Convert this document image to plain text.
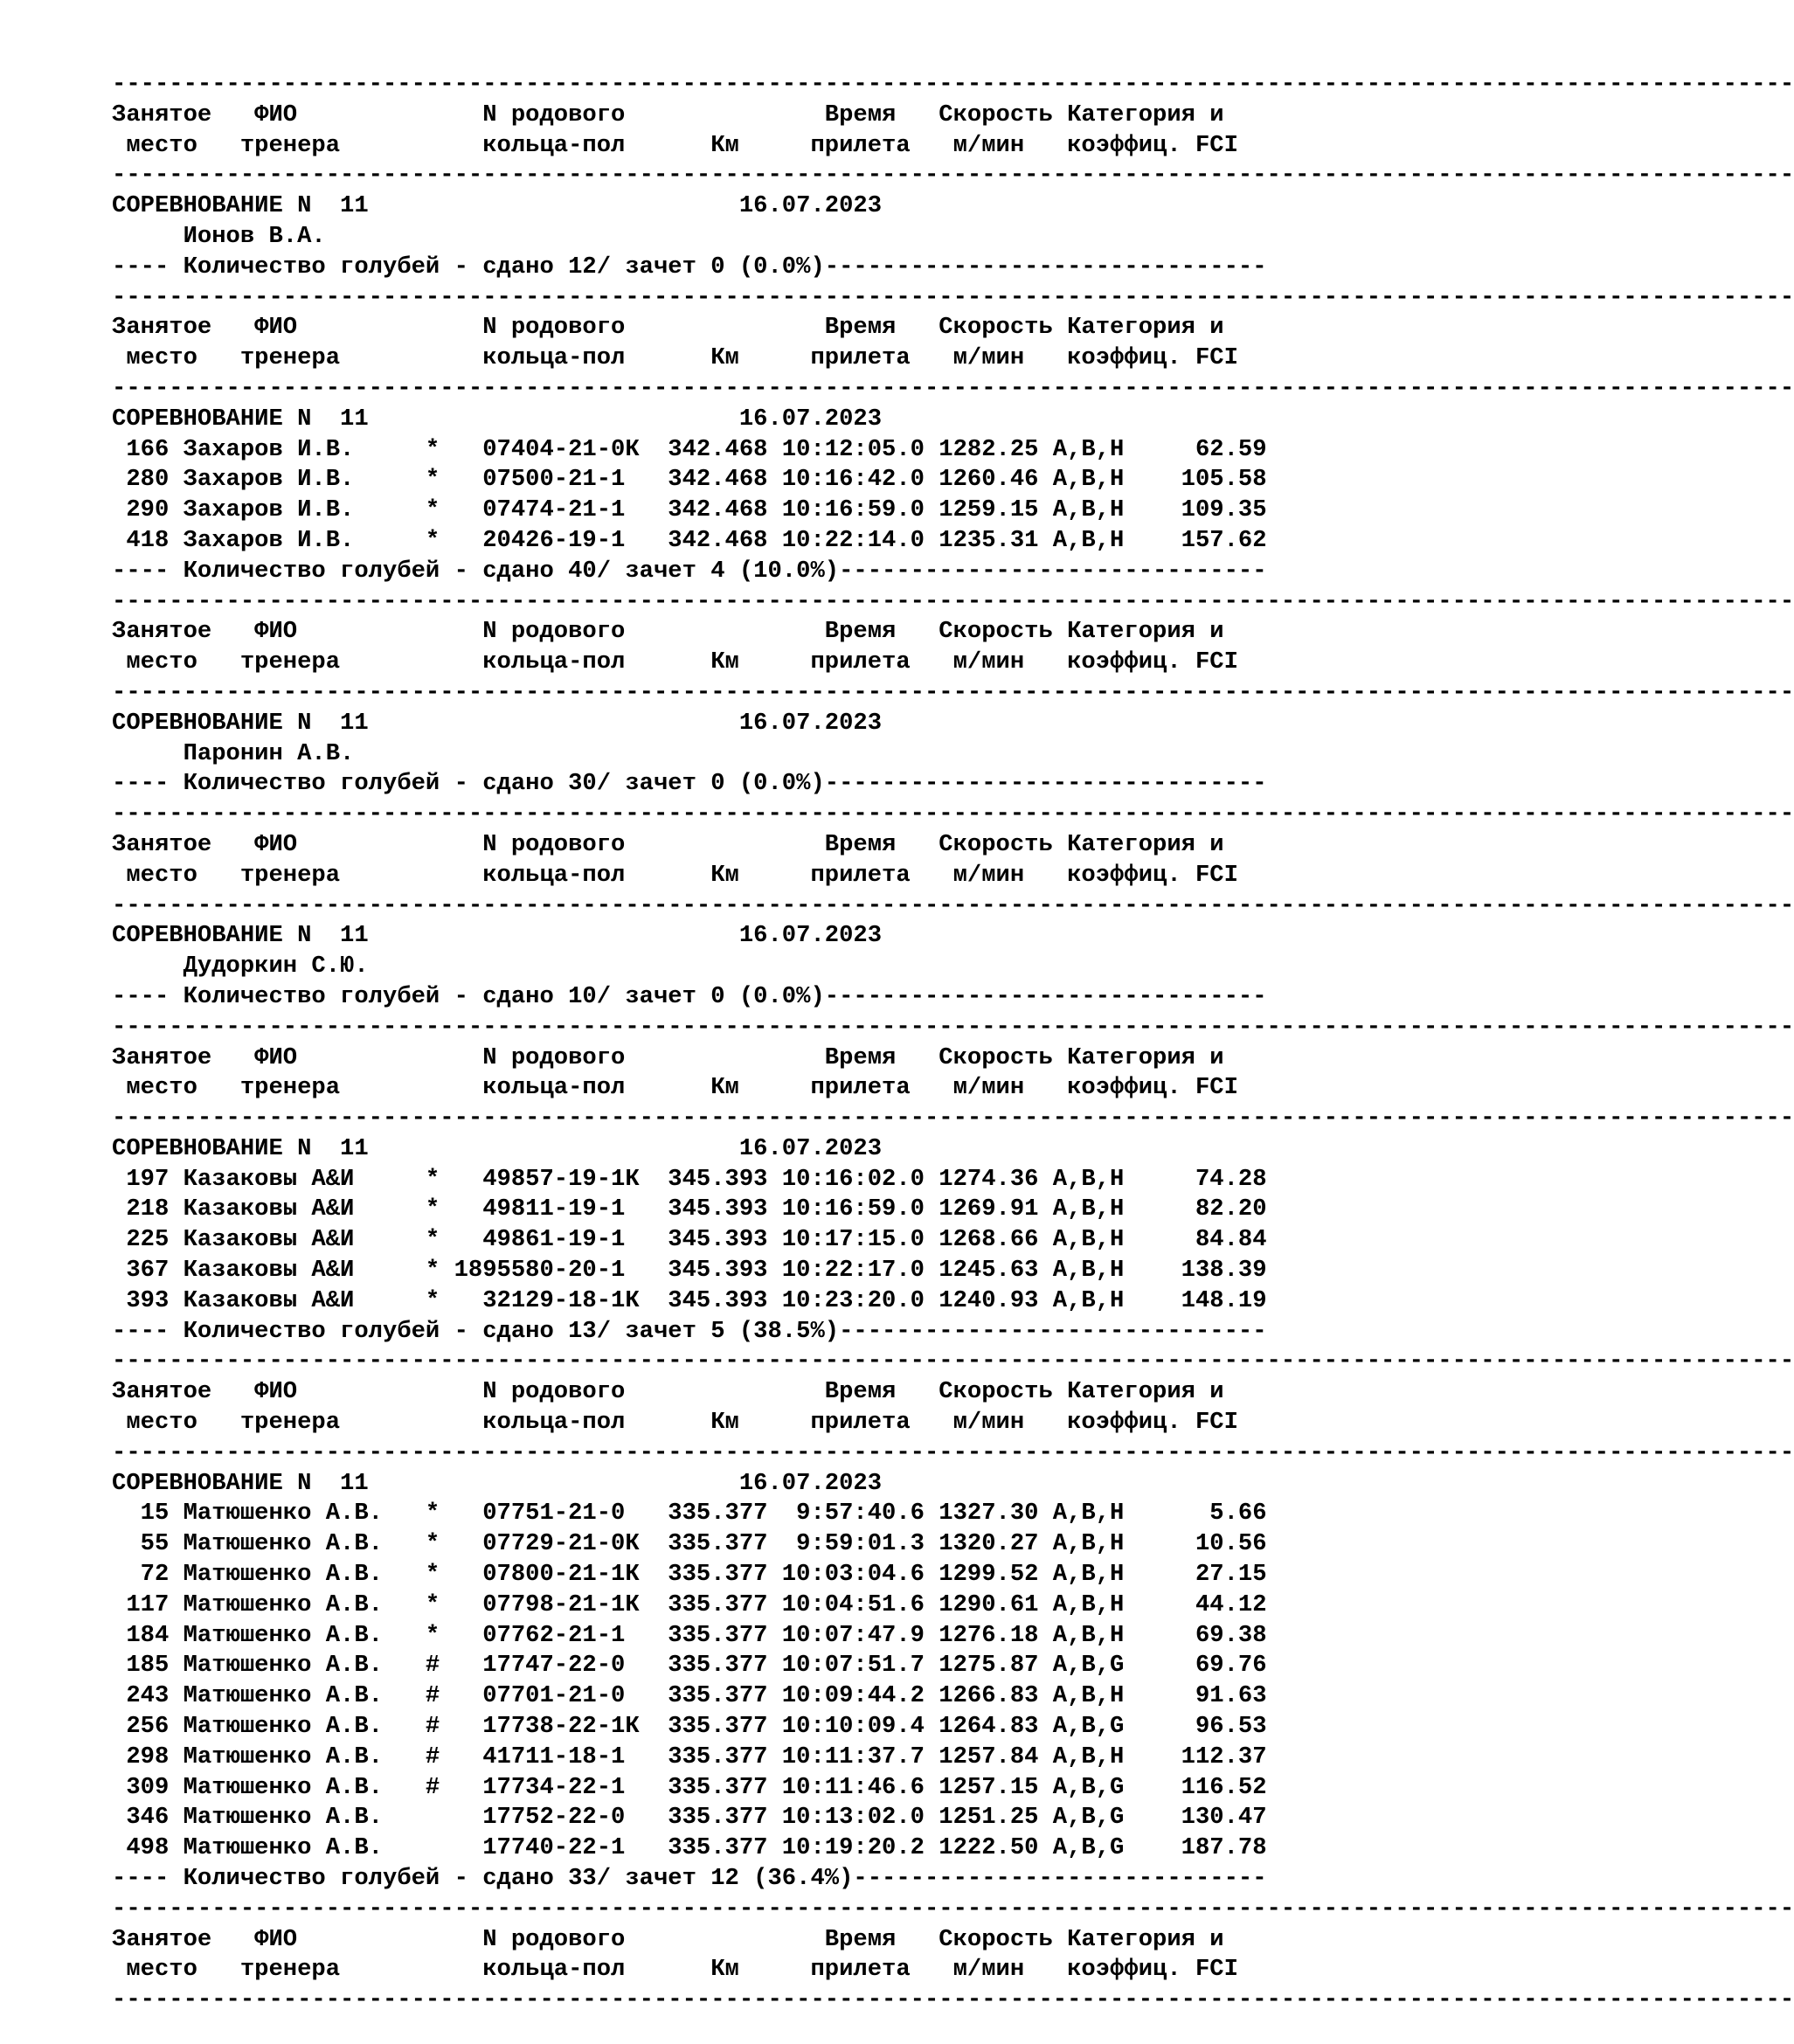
----------------------------------------------------------------------------------------------------------------------
Занятое   ФИО             N родового              Время   Скорость Категория и
место   тренера          кольца-пол      Км     прилета   м/мин   коэффиц. FCI
----------------------------------------------------------------------------------------------------------------------
СОРЕВНОВАНИЕ N  11                          16.07.2023
Ионов В.А.
---- Количество голубей - сдано 12/ зачет 0 (0.0%)-------------------------------
----------------------------------------------------------------------------------------------------------------------
Занятое   ФИО             N родового              Время   Скорость Категория и
место   тренера          кольца-пол      Км     прилета   м/мин   коэффиц. FCI
----------------------------------------------------------------------------------------------------------------------
СОРЕВНОВАНИЕ N  11                          16.07.2023
166 Захаров И.В.     *   07404-21-0К  342.468 10:12:05.0 1282.25 A,B,H     62.59
280 Захаров И.В.     *   07500-21-1   342.468 10:16:42.0 1260.46 A,B,H    105.58
290 Захаров И.В.     *   07474-21-1   342.468 10:16:59.0 1259.15 A,B,H    109.35
418 Захаров И.В.     *   20426-19-1   342.468 10:22:14.0 1235.31 A,B,H    157.62
---- Количество голубей - сдано 40/ зачет 4 (10.0%)------------------------------
----------------------------------------------------------------------------------------------------------------------
Занятое   ФИО             N родового              Время   Скорость Категория и
место   тренера          кольца-пол      Км     прилета   м/мин   коэффиц. FCI
----------------------------------------------------------------------------------------------------------------------
СОРЕВНОВАНИЕ N  11                          16.07.2023
Паронин А.В.
---- Количество голубей - сдано 30/ зачет 0 (0.0%)-------------------------------
----------------------------------------------------------------------------------------------------------------------
Занятое   ФИО             N родового              Время   Скорость Категория и
место   тренера          кольца-пол      Км     прилета   м/мин   коэффиц. FCI
----------------------------------------------------------------------------------------------------------------------
СОРЕВНОВАНИЕ N  11                          16.07.2023
Дудоркин С.Ю.
---- Количество голубей - сдано 10/ зачет 0 (0.0%)-------------------------------
----------------------------------------------------------------------------------------------------------------------
Занятое   ФИО             N родового              Время   Скорость Категория и
место   тренера          кольца-пол      Км     прилета   м/мин   коэффиц. FCI
----------------------------------------------------------------------------------------------------------------------
СОРЕВНОВАНИЕ N  11                          16.07.2023
197 Казаковы А&И     *   49857-19-1К  345.393 10:16:02.0 1274.36 A,B,H     74.28
218 Казаковы А&И     *   49811-19-1   345.393 10:16:59.0 1269.91 A,B,H     82.20
225 Казаковы А&И     *   49861-19-1   345.393 10:17:15.0 1268.66 A,B,H     84.84
367 Казаковы А&И     * 1895580-20-1   345.393 10:22:17.0 1245.63 A,B,H    138.39
393 Казаковы А&И     *   32129-18-1К  345.393 10:23:20.0 1240.93 A,B,H    148.19
---- Количество голубей - сдано 13/ зачет 5 (38.5%)------------------------------
----------------------------------------------------------------------------------------------------------------------
Занятое   ФИО             N родового              Время   Скорость Категория и
место   тренера          кольца-пол      Км     прилета   м/мин   коэффиц. FCI
----------------------------------------------------------------------------------------------------------------------
СОРЕВНОВАНИЕ N  11                          16.07.2023
15 Матюшенко А.В.   *   07751-21-0   335.377  9:57:40.6 1327.30 A,B,H      5.66
55 Матюшенко А.В.   *   07729-21-0К  335.377  9:59:01.3 1320.27 A,B,H     10.56
72 Матюшенко А.В.   *   07800-21-1К  335.377 10:03:04.6 1299.52 A,B,H     27.15
117 Матюшенко А.В.   *   07798-21-1К  335.377 10:04:51.6 1290.61 A,B,H     44.12
184 Матюшенко А.В.   *   07762-21-1   335.377 10:07:47.9 1276.18 A,B,H     69.38
185 Матюшенко А.В.   #   17747-22-0   335.377 10:07:51.7 1275.87 A,B,G     69.76
243 Матюшенко А.В.   #   07701-21-0   335.377 10:09:44.2 1266.83 A,B,H     91.63
256 Матюшенко А.В.   #   17738-22-1К  335.377 10:10:09.4 1264.83 A,B,G     96.53
298 Матюшенко А.В.   #   41711-18-1   335.377 10:11:37.7 1257.84 A,B,H    112.37
309 Матюшенко А.В.   #   17734-22-1   335.377 10:11:46.6 1257.15 A,B,G    116.52
346 Матюшенко А.В.       17752-22-0   335.377 10:13:02.0 1251.25 A,B,G    130.47
498 Матюшенко А.В.       17740-22-1   335.377 10:19:20.2 1222.50 A,B,G    187.78
---- Количество голубей - сдано 33/ зачет 12 (36.4%)-----------------------------
----------------------------------------------------------------------------------------------------------------------
Занятое   ФИО             N родового              Время   Скорость Категория и
место   тренера          кольца-пол      Км     прилета   м/мин   коэффиц. FCI
----------------------------------------------------------------------------------------------------------------------
